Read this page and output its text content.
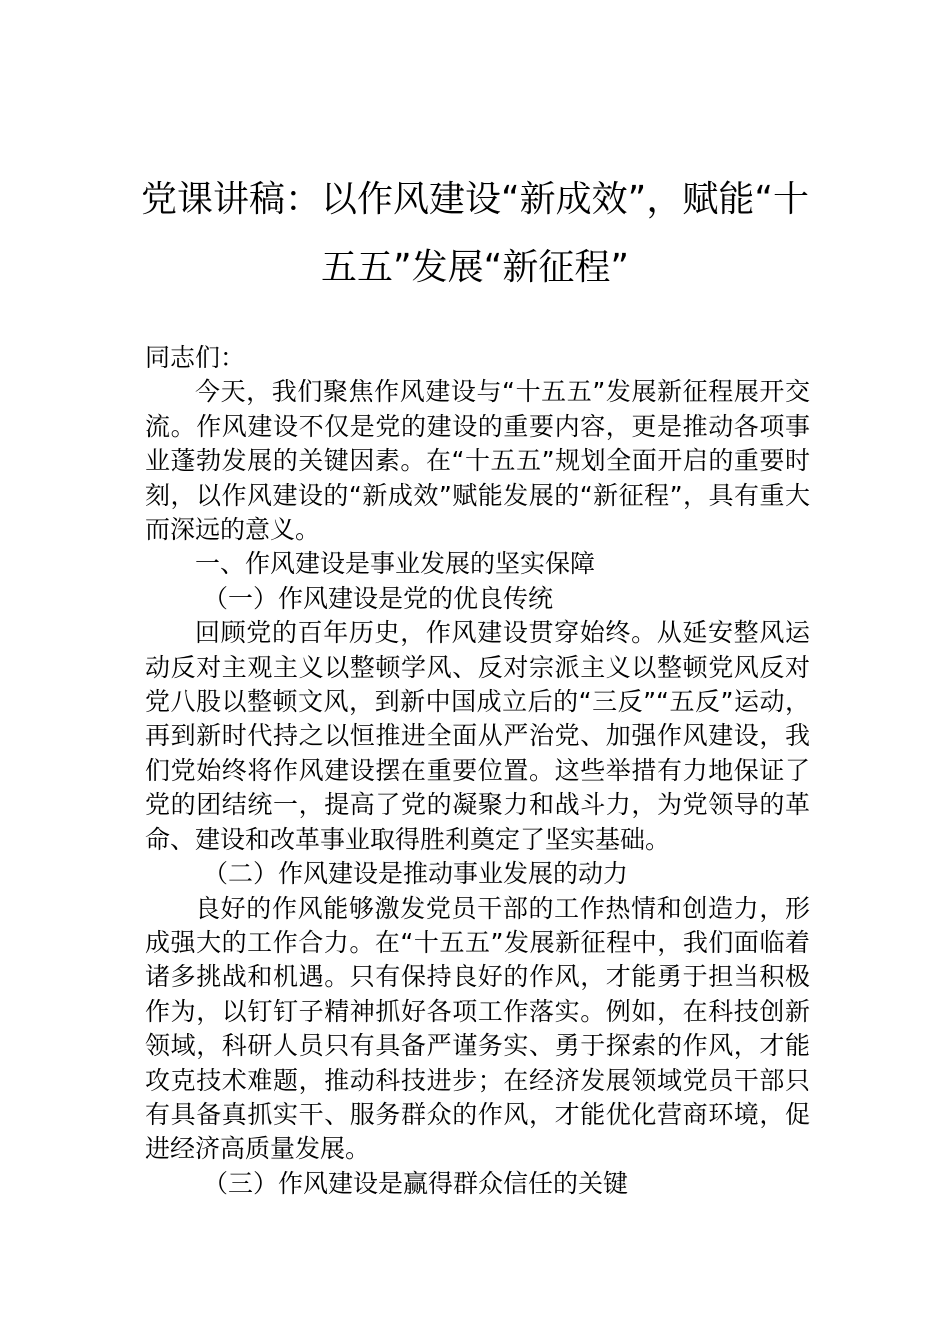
党课讲稿：以作风建设“新成效”，赋能“十
五五”发展“新征程”

同志们：

今天，我们聚焦作风建设与“十五五”发展新征程展开交流。作风建设不仅是党的建设的重要内容，更是推动各项事业蓬勃发展的关键因素。在“十五五”规划全面开启的重要时刻，以作风建设的“新成效”赋能发展的“新征程”，具有重大而深远的意义。

一、作风建设是事业发展的坚实保障

（一）作风建设是党的优良传统

回顾党的百年历史，作风建设贯穿始终。从延安整风运动反对主观主义以整顿学风、反对宗派主义以整顿党风反对党八股以整顿文风，到新中国成立后的“三反”“五反”运动，再到新时代持之以恒推进全面从严治党、加强作风建设，我们党始终将作风建设摆在重要位置。这些举措有力地保证了党的团结统一，提高了党的凝聚力和战斗力，为党领导的革命、建设和改革事业取得胜利奠定了坚实基础。

（二）作风建设是推动事业发展的动力

良好的作风能够激发党员干部的工作热情和创造力，形成强大的工作合力。在“十五五”发展新征程中，我们面临着诸多挑战和机遇。只有保持良好的作风，才能勇于担当积极作为，以钉钉子精神抓好各项工作落实。例如，在科技创新领域，科研人员只有具备严谨务实、勇于探索的作风，才能攻克技术难题，推动科技进步；在经济发展领域党员干部只有具备真抓实干、服务群众的作风，才能优化营商环境，促进经济高质量发展。

（三）作风建设是赢得群众信任的关键
